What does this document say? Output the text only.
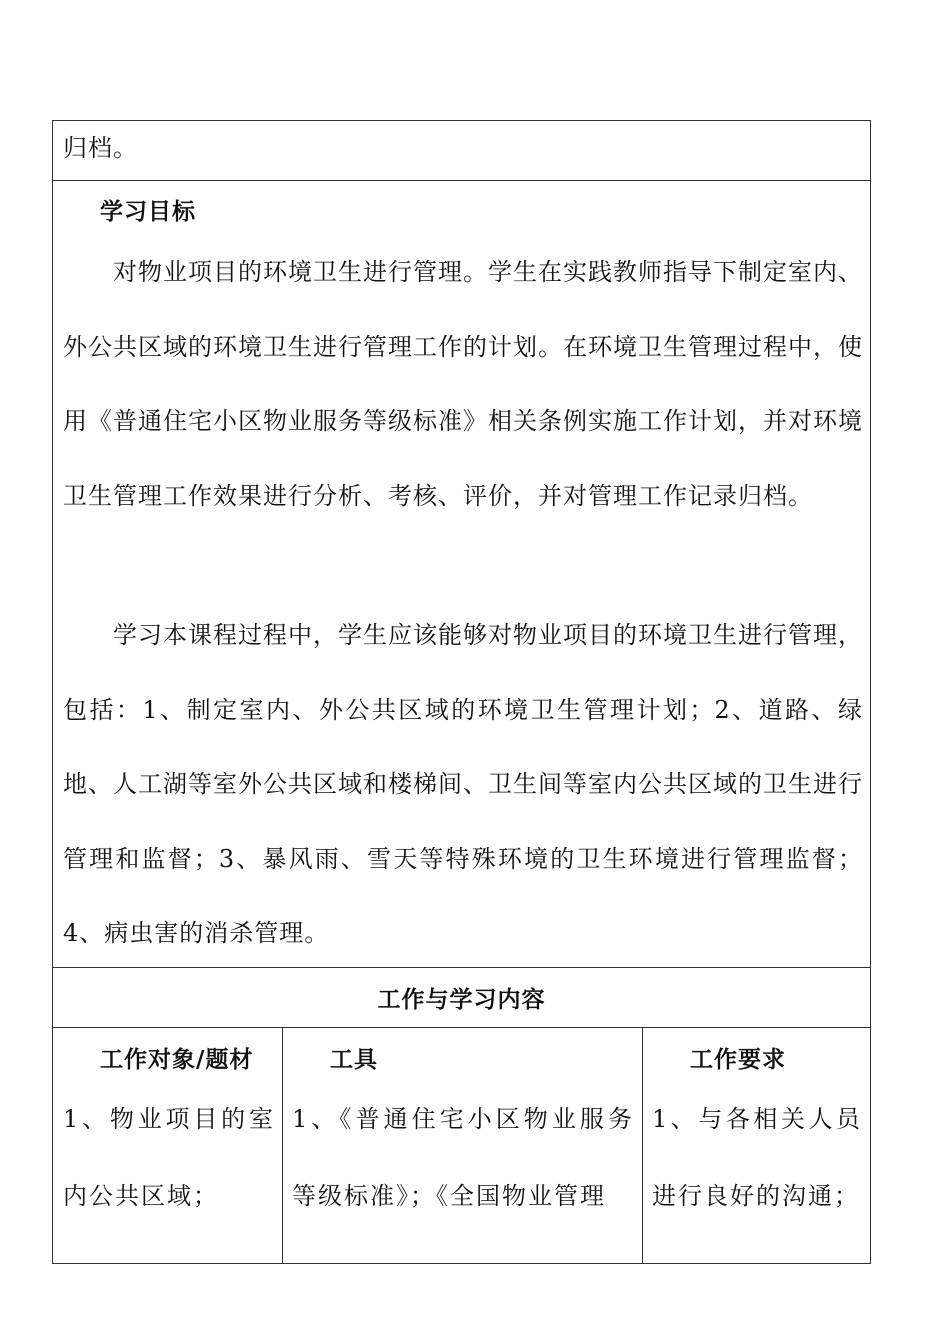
归档。
学习目标
对物业项目的环境卫生进行管理。学生在实践教师指导下制定室内、外公共区域的环境卫生进行管理工作的计划。在环境卫生管理过程中，使用《普通住宅小区物业服务等级标准》相关条例实施工作计划，并对环境卫生管理工作效果进行分析、考核、评价，并对管理工作记录归档。
学习本课程过程中，学生应该能够对物业项目的环境卫生进行管理，包括：1、制定室内、外公共区域的环境卫生管理计划；2、道路、绿地、人工湖等室外公共区域和楼梯间、卫生间等室内公共区域的卫生进行管理和监督；3、暴风雨、雪天等特殊环境的卫生环境进行管理监督；4、病虫害的消杀管理。
工作与学习内容
工作对象/题材	工具	工作要求
1、物业项目的室内公共区域；
1、《普通住宅小区物业服务等级标准》；《全国物业管理
1、与各相关人员进行良好的沟通；
